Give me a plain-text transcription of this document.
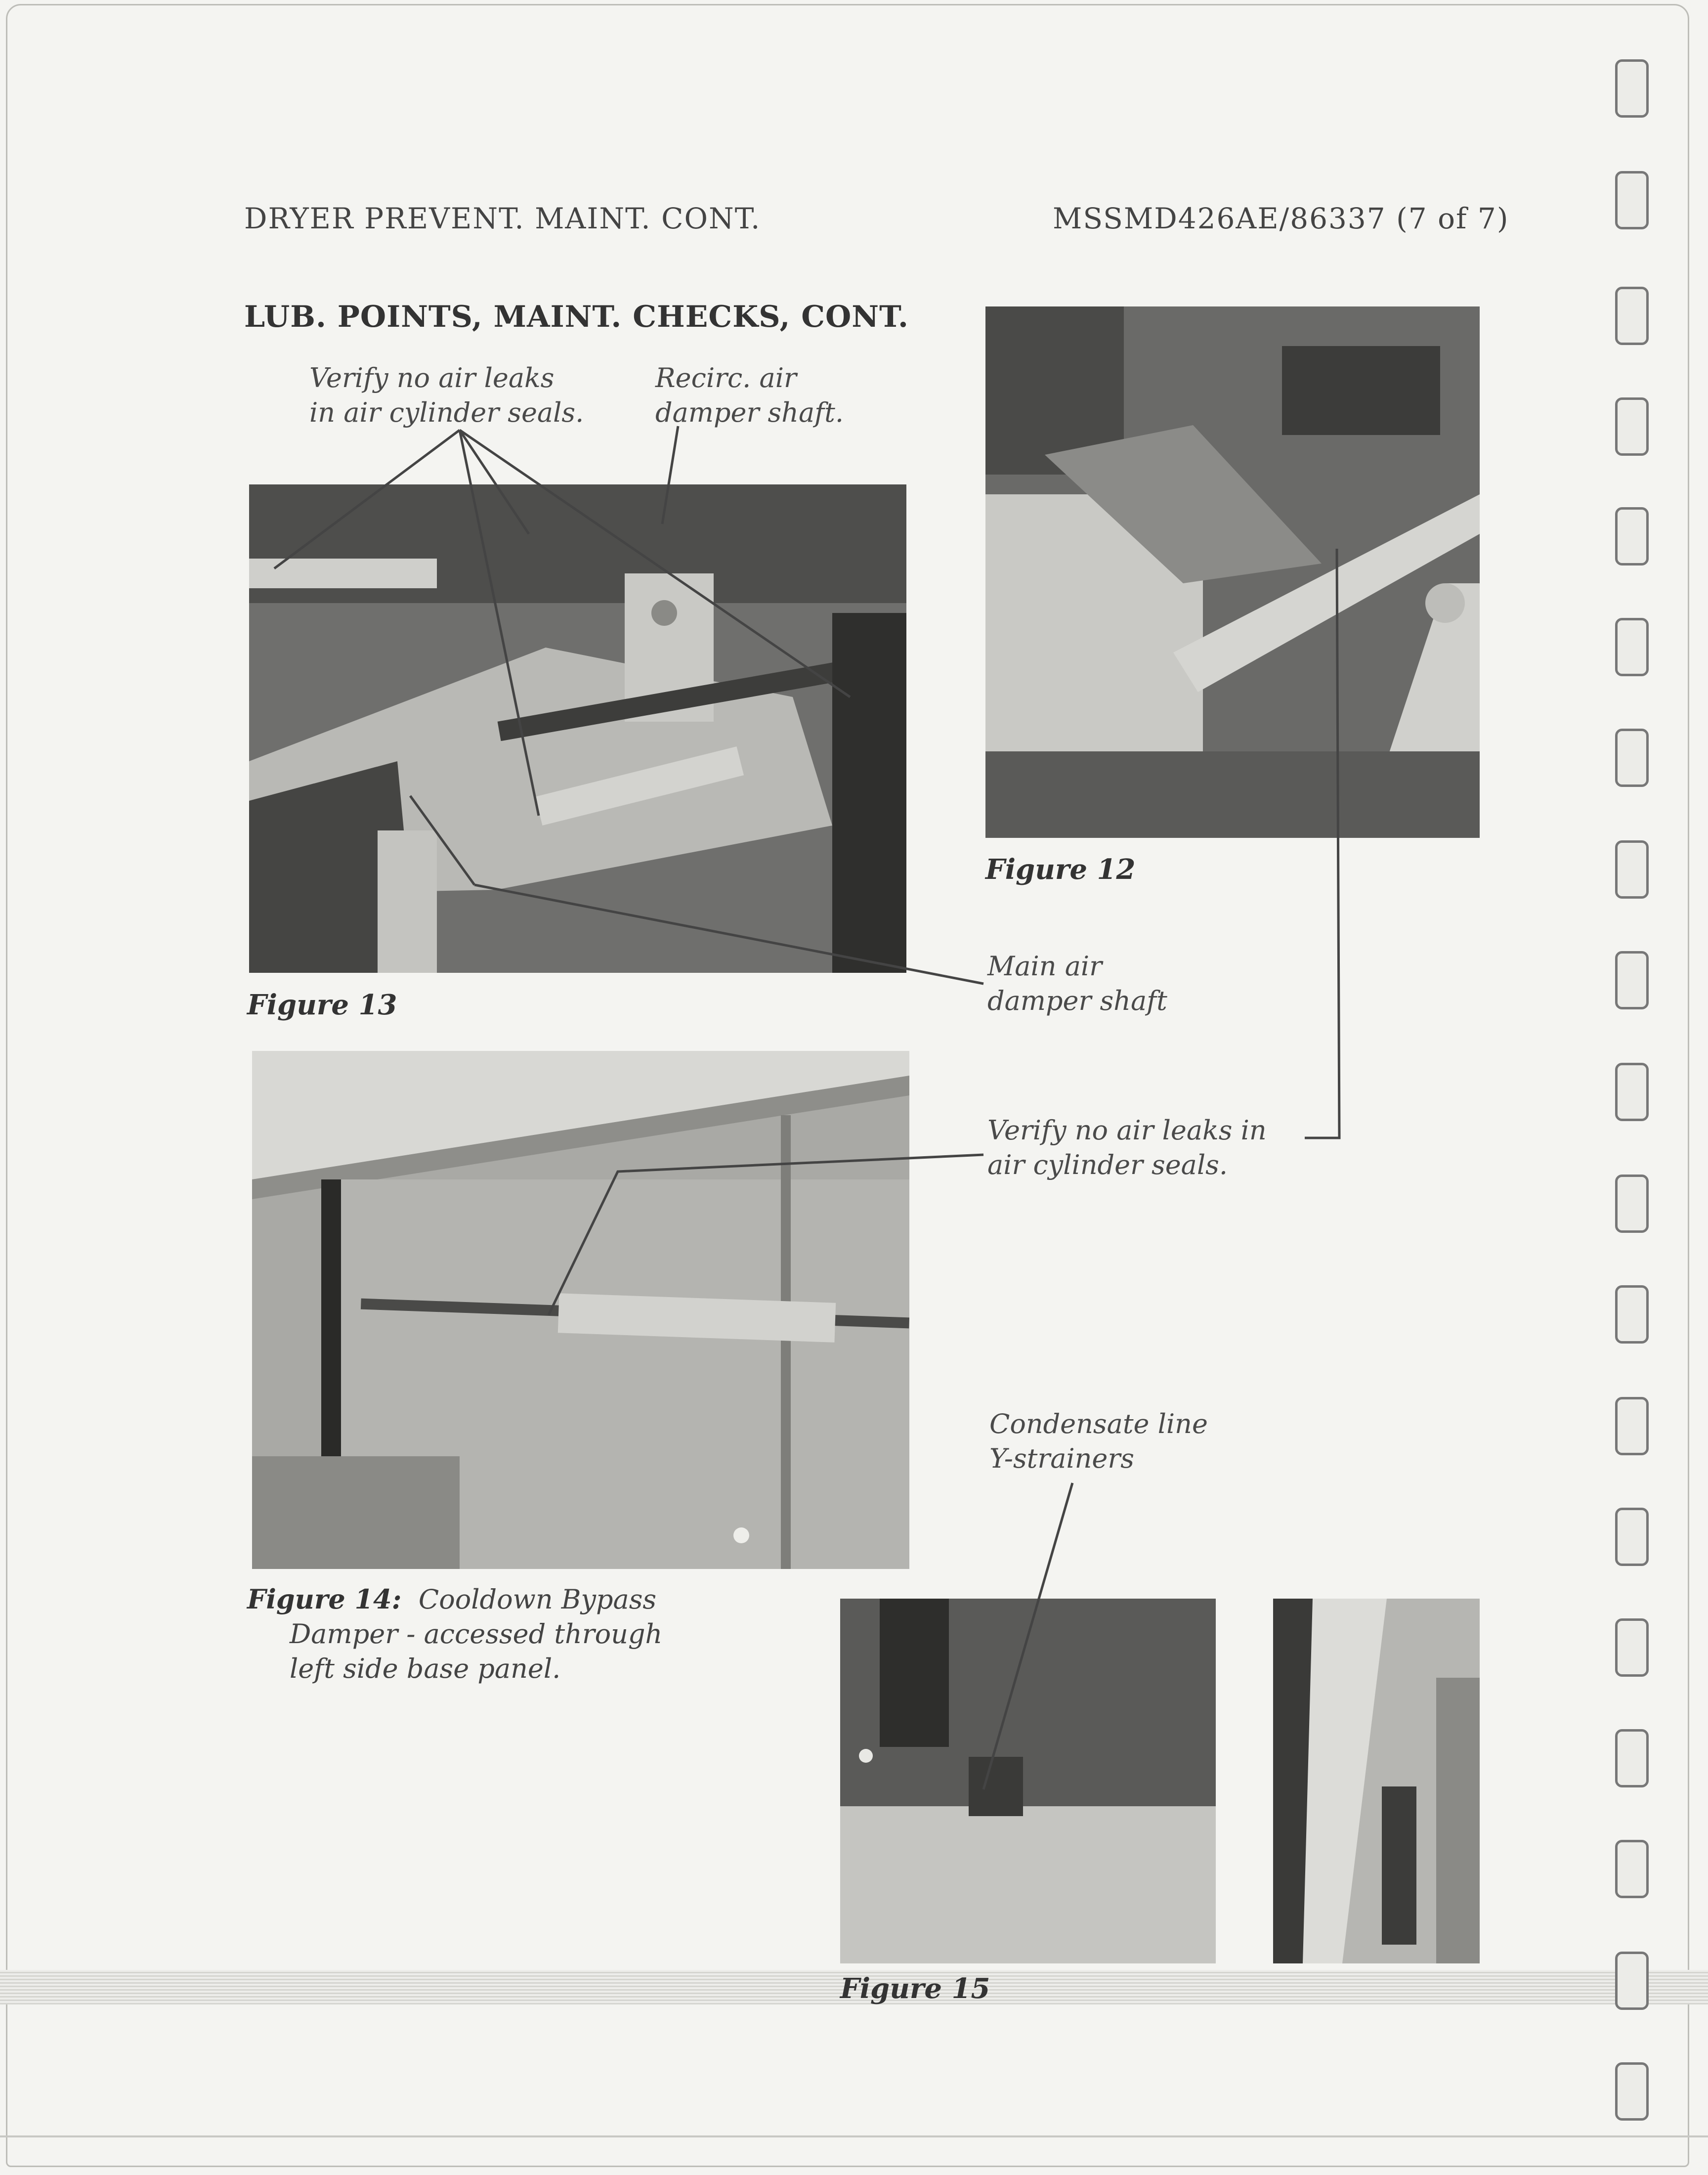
DRYER PREVENT. MAINT. CONT.	MSSMD426AE/86337 (7 of 7)
LUB. POINTS, MAINT. CHECKS, CONT.
Verify no air leaks
in air cylinder seals.
Recirc. air
damper shaft.
Figure 13
Figure 12
Main air
damper shaft
Verify no air leaks in
air cylinder seals.
Figure 14: Cooldown Bypass
Damper - accessed through
left side base panel.
Condensate line
Y-strainers
Figure 15
